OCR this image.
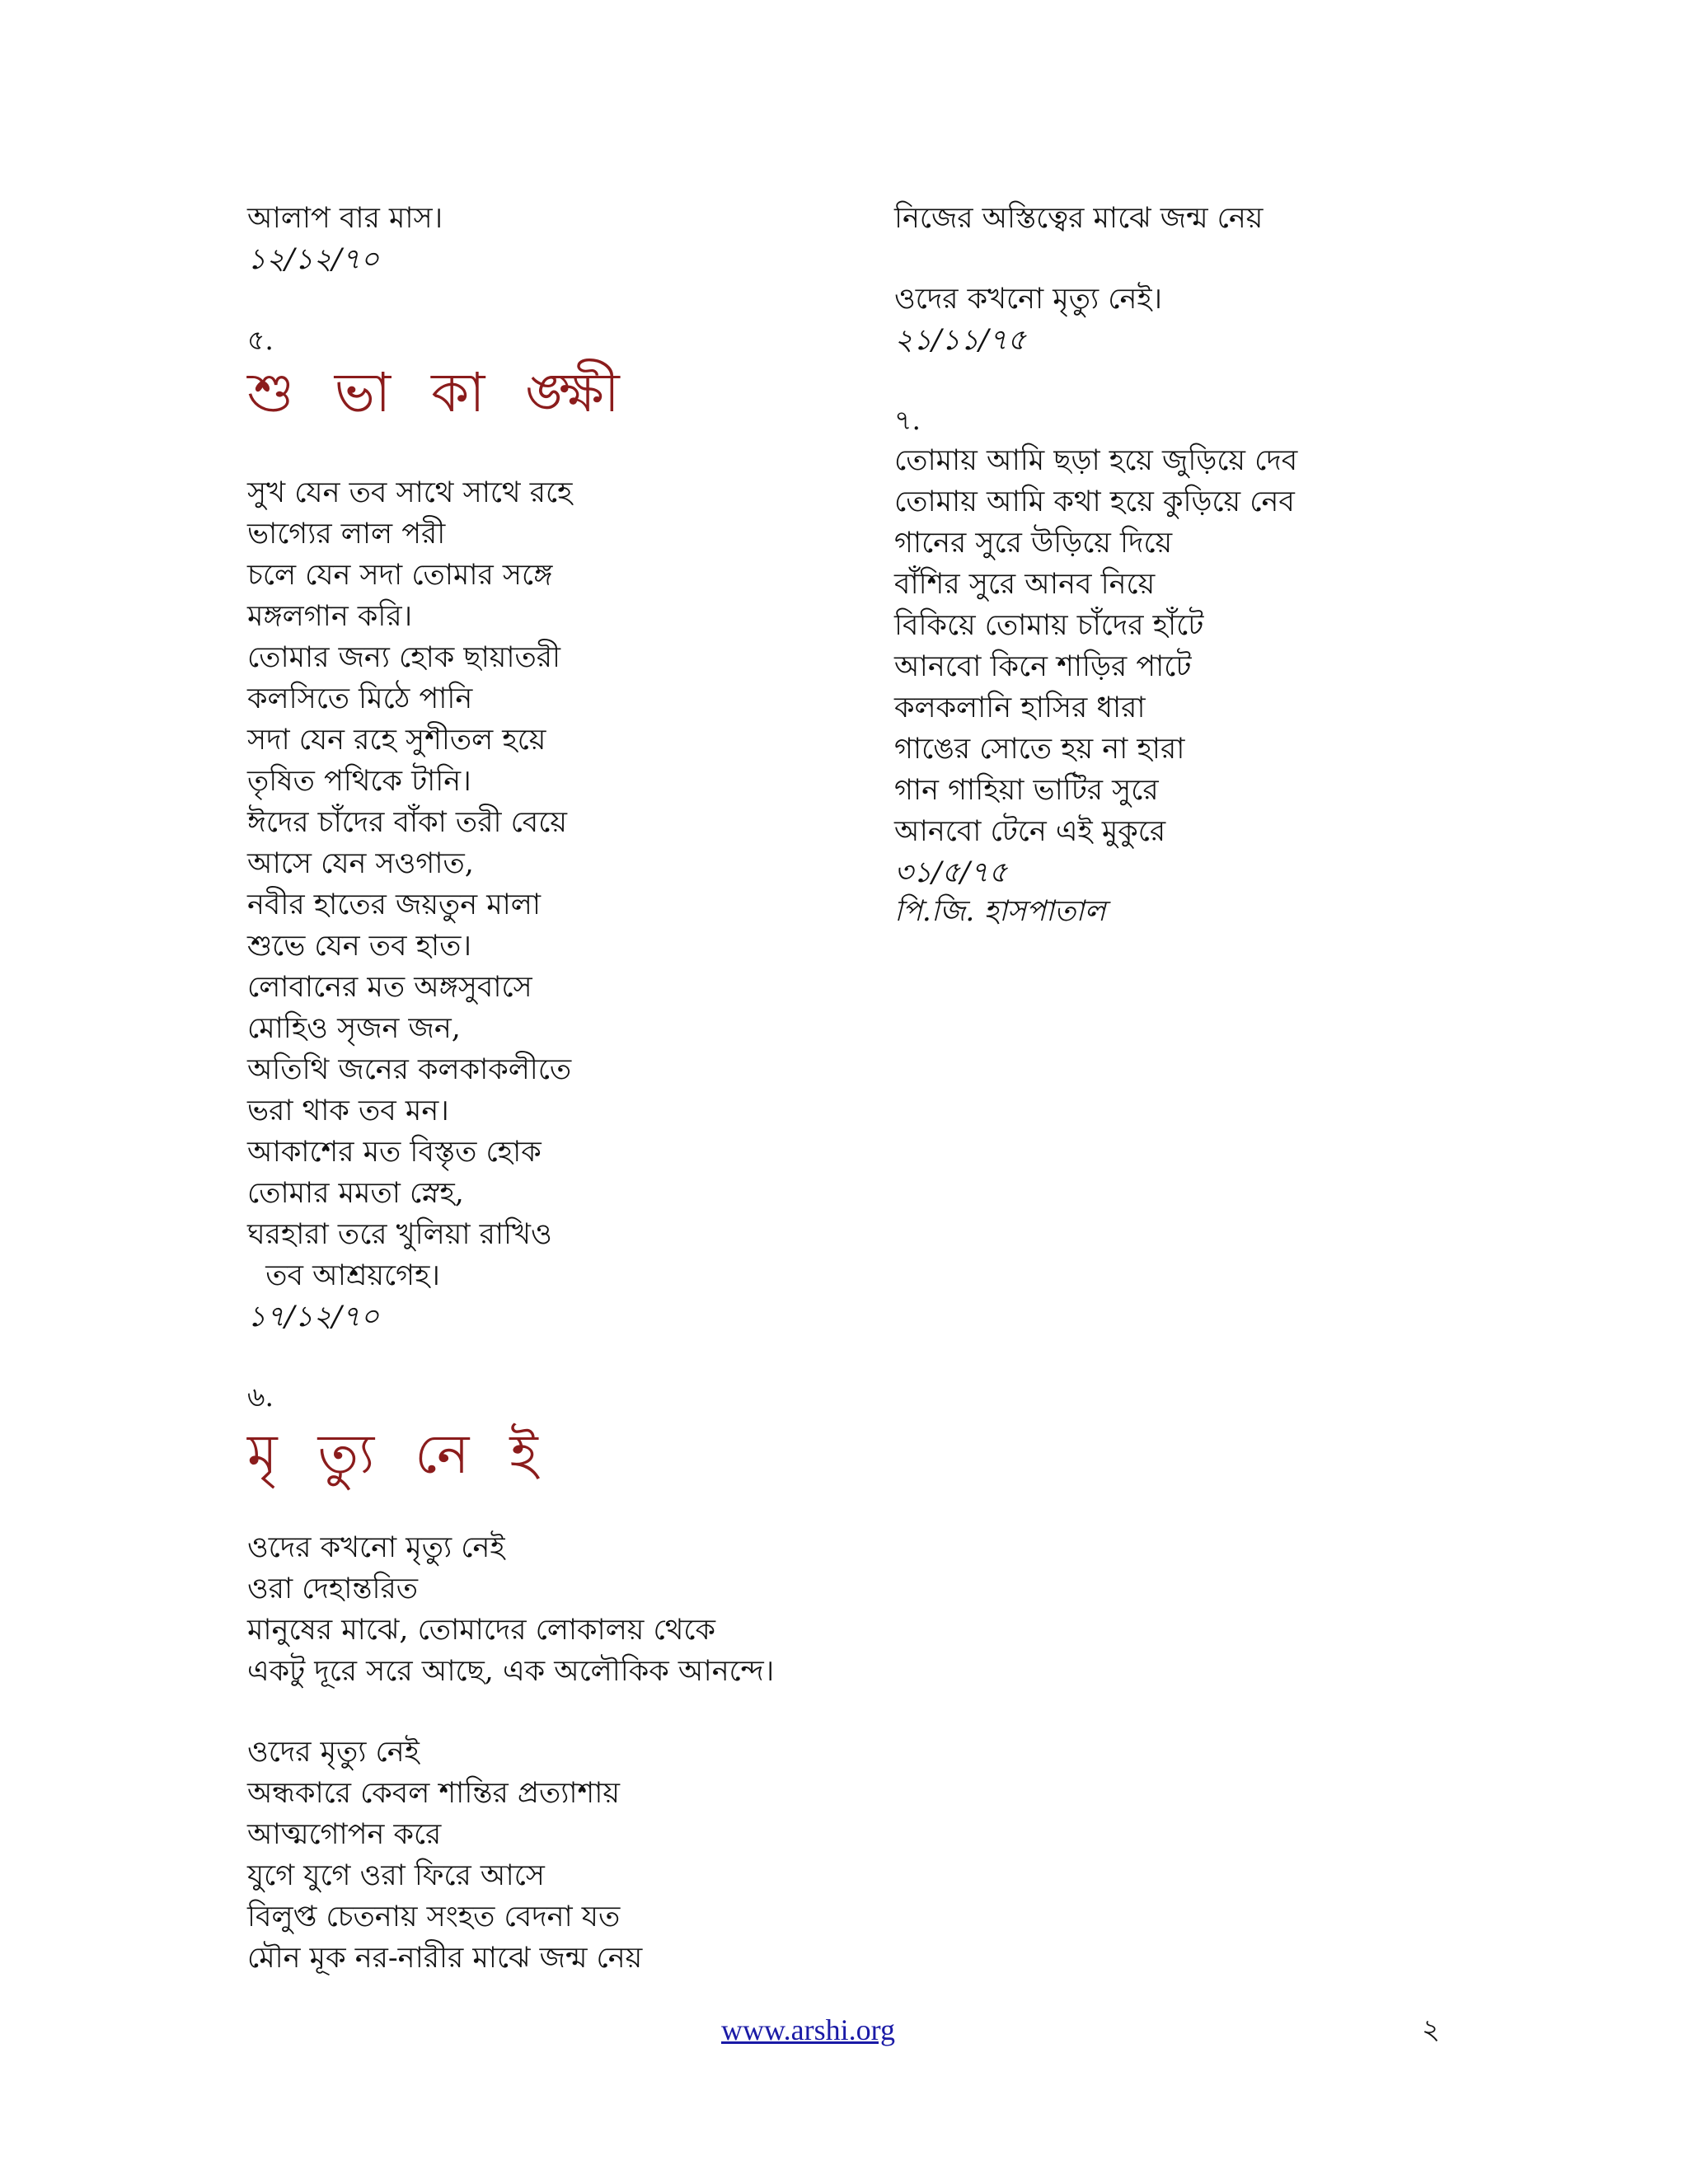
আলাপ বার মাস।
১২/১২/৭০
৫.
শু ভা কা ঙ্ক্ষী
সুখ যেন তব সাথে সাথে রহে
ভাগ্যের লাল পরী
চলে যেন সদা তোমার সঙ্গে
মঙ্গলগান করি।
তোমার জন্য হোক ছায়াতরী
কলসিতে মিঠে পানি
সদা যেন রহে সুশীতল হয়ে
তৃষিত পথিকে টানি।
ঈদের চাঁদের বাঁকা তরী বেয়ে
আসে যেন সওগাত,
নবীর হাতের জয়তুন মালা
শুভে যেন তব হাত।
লোবানের মত অঙ্গসুবাসে
মোহিও সৃজন জন,
অতিথি জনের কলকাকলীতে
ভরা থাক তব মন।
আকাশের মত বিস্তৃত হোক
তোমার মমতা স্নেহ,
ঘরহারা তরে খুলিয়া রাখিও
তব আশ্রয়গেহ।
১৭/১২/৭০
৬.
মৃ ত্যু নে ই
ওদের কখনো মৃত্যু নেই
ওরা দেহান্তরিত
মানুষের মাঝে, তোমাদের লোকালয় থেকে
একটু দূরে সরে আছে, এক অলৌকিক আনন্দে।
ওদের মৃত্যু নেই
অন্ধকারে কেবল শান্তির প্রত্যাশায়
আত্মগোপন করে
যুগে যুগে ওরা ফিরে আসে
বিলুপ্ত চেতনায় সংহত বেদনা যত
মৌন মূক নর-নারীর মাঝে জন্ম নেয়
নিজের অস্তিত্বের মাঝে জন্ম নেয়
ওদের কখনো মৃত্যু নেই।
২১/১১/৭৫
৭.
তোমায় আমি ছড়া হয়ে জুড়িয়ে দেব
তোমায় আমি কথা হয়ে কুড়িয়ে নেব
গানের সুরে উড়িয়ে দিয়ে
বাঁশির সুরে আনব নিয়ে
বিকিয়ে তোমায় চাঁদের হাঁটে
আনবো কিনে শাড়ির পাটে
কলকলানি হাসির ধারা
গাঙের সোতে হয় না হারা
গান গাহিয়া ভাটির সুরে
আনবো টেনে এই মুকুরে
৩১/৫/৭৫
পি.জি. হাসপাতাল
www.arshi.org	২
